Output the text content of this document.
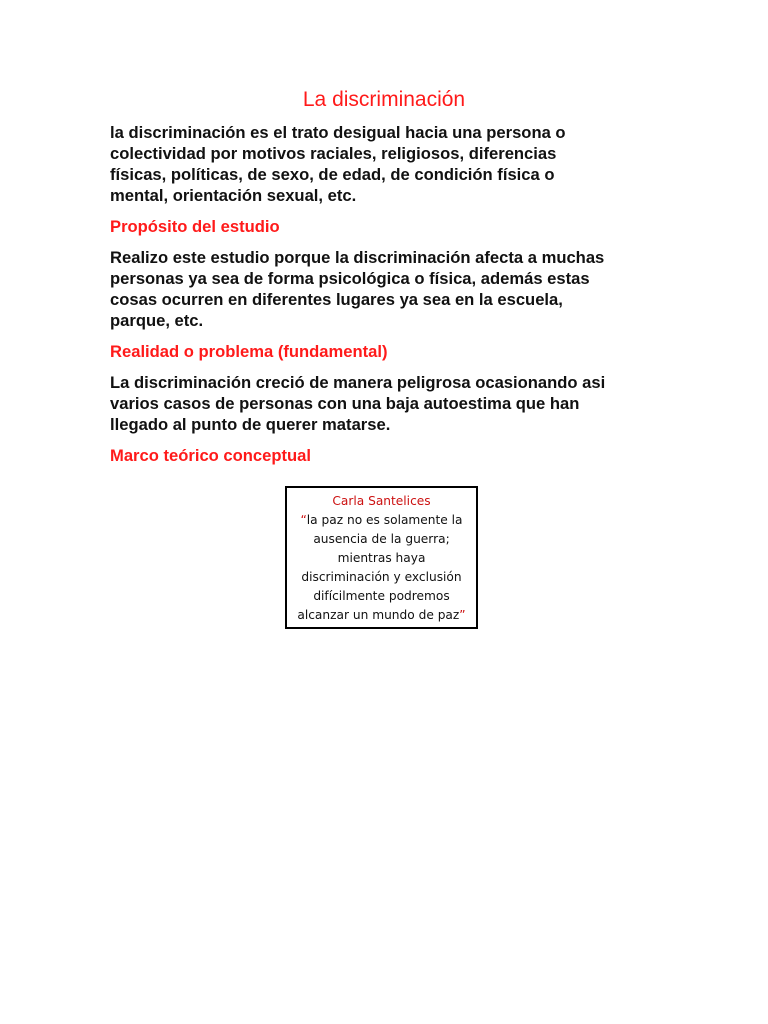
La discriminación
la discriminación es el trato desigual hacia una persona o
colectividad por motivos raciales, religiosos, diferencias
físicas, políticas, de sexo, de edad, de condición física o
mental, orientación sexual, etc.
Propósito del estudio
Realizo este estudio porque la discriminación afecta a muchas
personas ya sea de forma psicológica o física, además estas
cosas ocurren en diferentes lugares ya sea en la escuela,
parque, etc.
Realidad o problema (fundamental)
La discriminación creció de manera peligrosa ocasionando asi
varios casos de personas con una baja autoestima que han
llegado al punto de querer matarse.
Marco teórico conceptual
Carla Santelices
“la paz no es solamente la
ausencia de la guerra;
mientras haya
discriminación y exclusión
difícilmente podremos
alcanzar un mundo de paz”
